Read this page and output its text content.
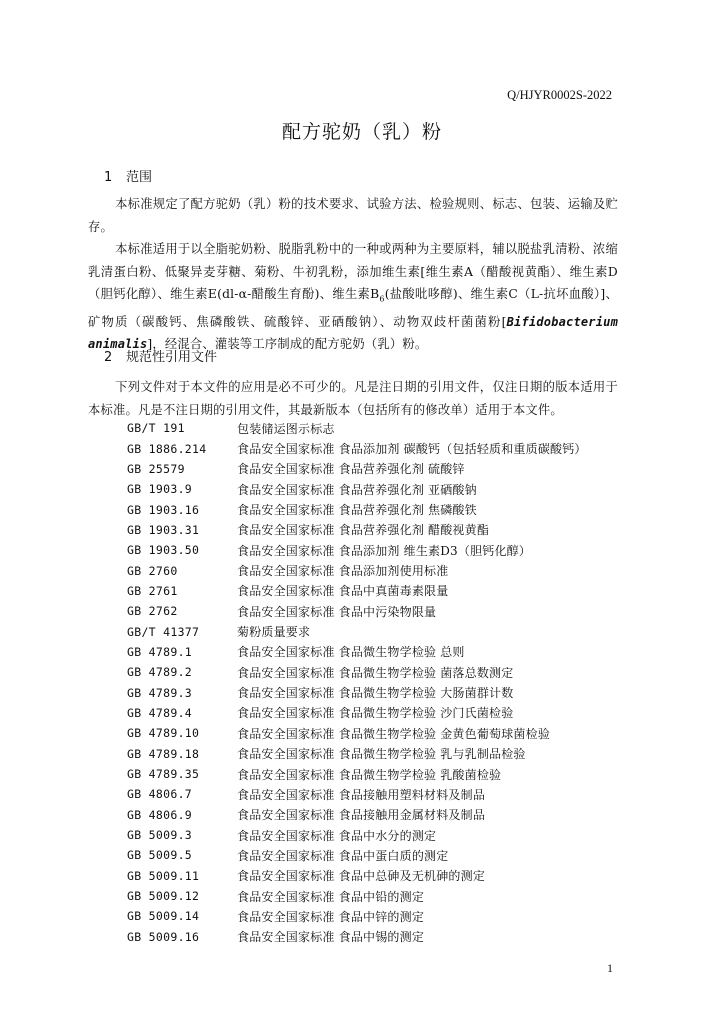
Q/HJYR0002S-2022
配方驼奶（乳）粉
1 范围
本标准规定了配方驼奶（乳）粉的技术要求、试验方法、检验规则、标志、包装、运输及贮存。
本标准适用于以全脂驼奶粉、脱脂乳粉中的一种或两种为主要原料，辅以脱盐乳清粉、浓缩乳清蛋白粉、低聚异麦芽糖、菊粉、牛初乳粉，添加维生素[维生素A（醋酸视黄酯）、维生素D（胆钙化醇）、维生素E(dl-α-醋酸生育酚)、维生素$B_6$(盐酸吡哆醇)、维生素C（L-抗坏血酸）]、矿物质（碳酸钙、焦磷酸铁、硫酸锌、亚硒酸钠）、动物双歧杆菌菌粉[Bifidobacterium animalis]，经混合、灌装等工序制成的配方驼奶（乳）粉。
2 规范性引用文件
下列文件对于本文件的应用是必不可少的。凡是注日期的引用文件，仅注日期的版本适用于本标准。凡是不注日期的引用文件，其最新版本（包括所有的修改单）适用于本文件。
GB/T 191	包装储运图示标志
GB 1886.214	食品安全国家标准 食品添加剂 碳酸钙（包括轻质和重质碳酸钙）
GB 25579	食品安全国家标准 食品营养强化剂 硫酸锌
GB 1903.9	食品安全国家标准 食品营养强化剂 亚硒酸钠
GB 1903.16	食品安全国家标准 食品营养强化剂 焦磷酸铁
GB 1903.31	食品安全国家标准 食品营养强化剂 醋酸视黄酯
GB 1903.50	食品安全国家标准 食品添加剂 维生素D3（胆钙化醇）
GB 2760	食品安全国家标准 食品添加剂使用标准
GB 2761	食品安全国家标准 食品中真菌毒素限量
GB 2762	食品安全国家标准 食品中污染物限量
GB/T 41377	菊粉质量要求
GB 4789.1	食品安全国家标准 食品微生物学检验 总则
GB 4789.2	食品安全国家标准 食品微生物学检验 菌落总数测定
GB 4789.3	食品安全国家标准 食品微生物学检验 大肠菌群计数
GB 4789.4	食品安全国家标准 食品微生物学检验 沙门氏菌检验
GB 4789.10	食品安全国家标准 食品微生物学检验 金黄色葡萄球菌检验
GB 4789.18	食品安全国家标准 食品微生物学检验 乳与乳制品检验
GB 4789.35	食品安全国家标准 食品微生物学检验 乳酸菌检验
GB 4806.7	食品安全国家标准 食品接触用塑料材料及制品
GB 4806.9	食品安全国家标准 食品接触用金属材料及制品
GB 5009.3	食品安全国家标准 食品中水分的测定
GB 5009.5	食品安全国家标准 食品中蛋白质的测定
GB 5009.11	食品安全国家标准 食品中总砷及无机砷的测定
GB 5009.12	食品安全国家标准 食品中铅的测定
GB 5009.14	食品安全国家标准 食品中锌的测定
GB 5009.16	食品安全国家标准 食品中锡的测定
1
